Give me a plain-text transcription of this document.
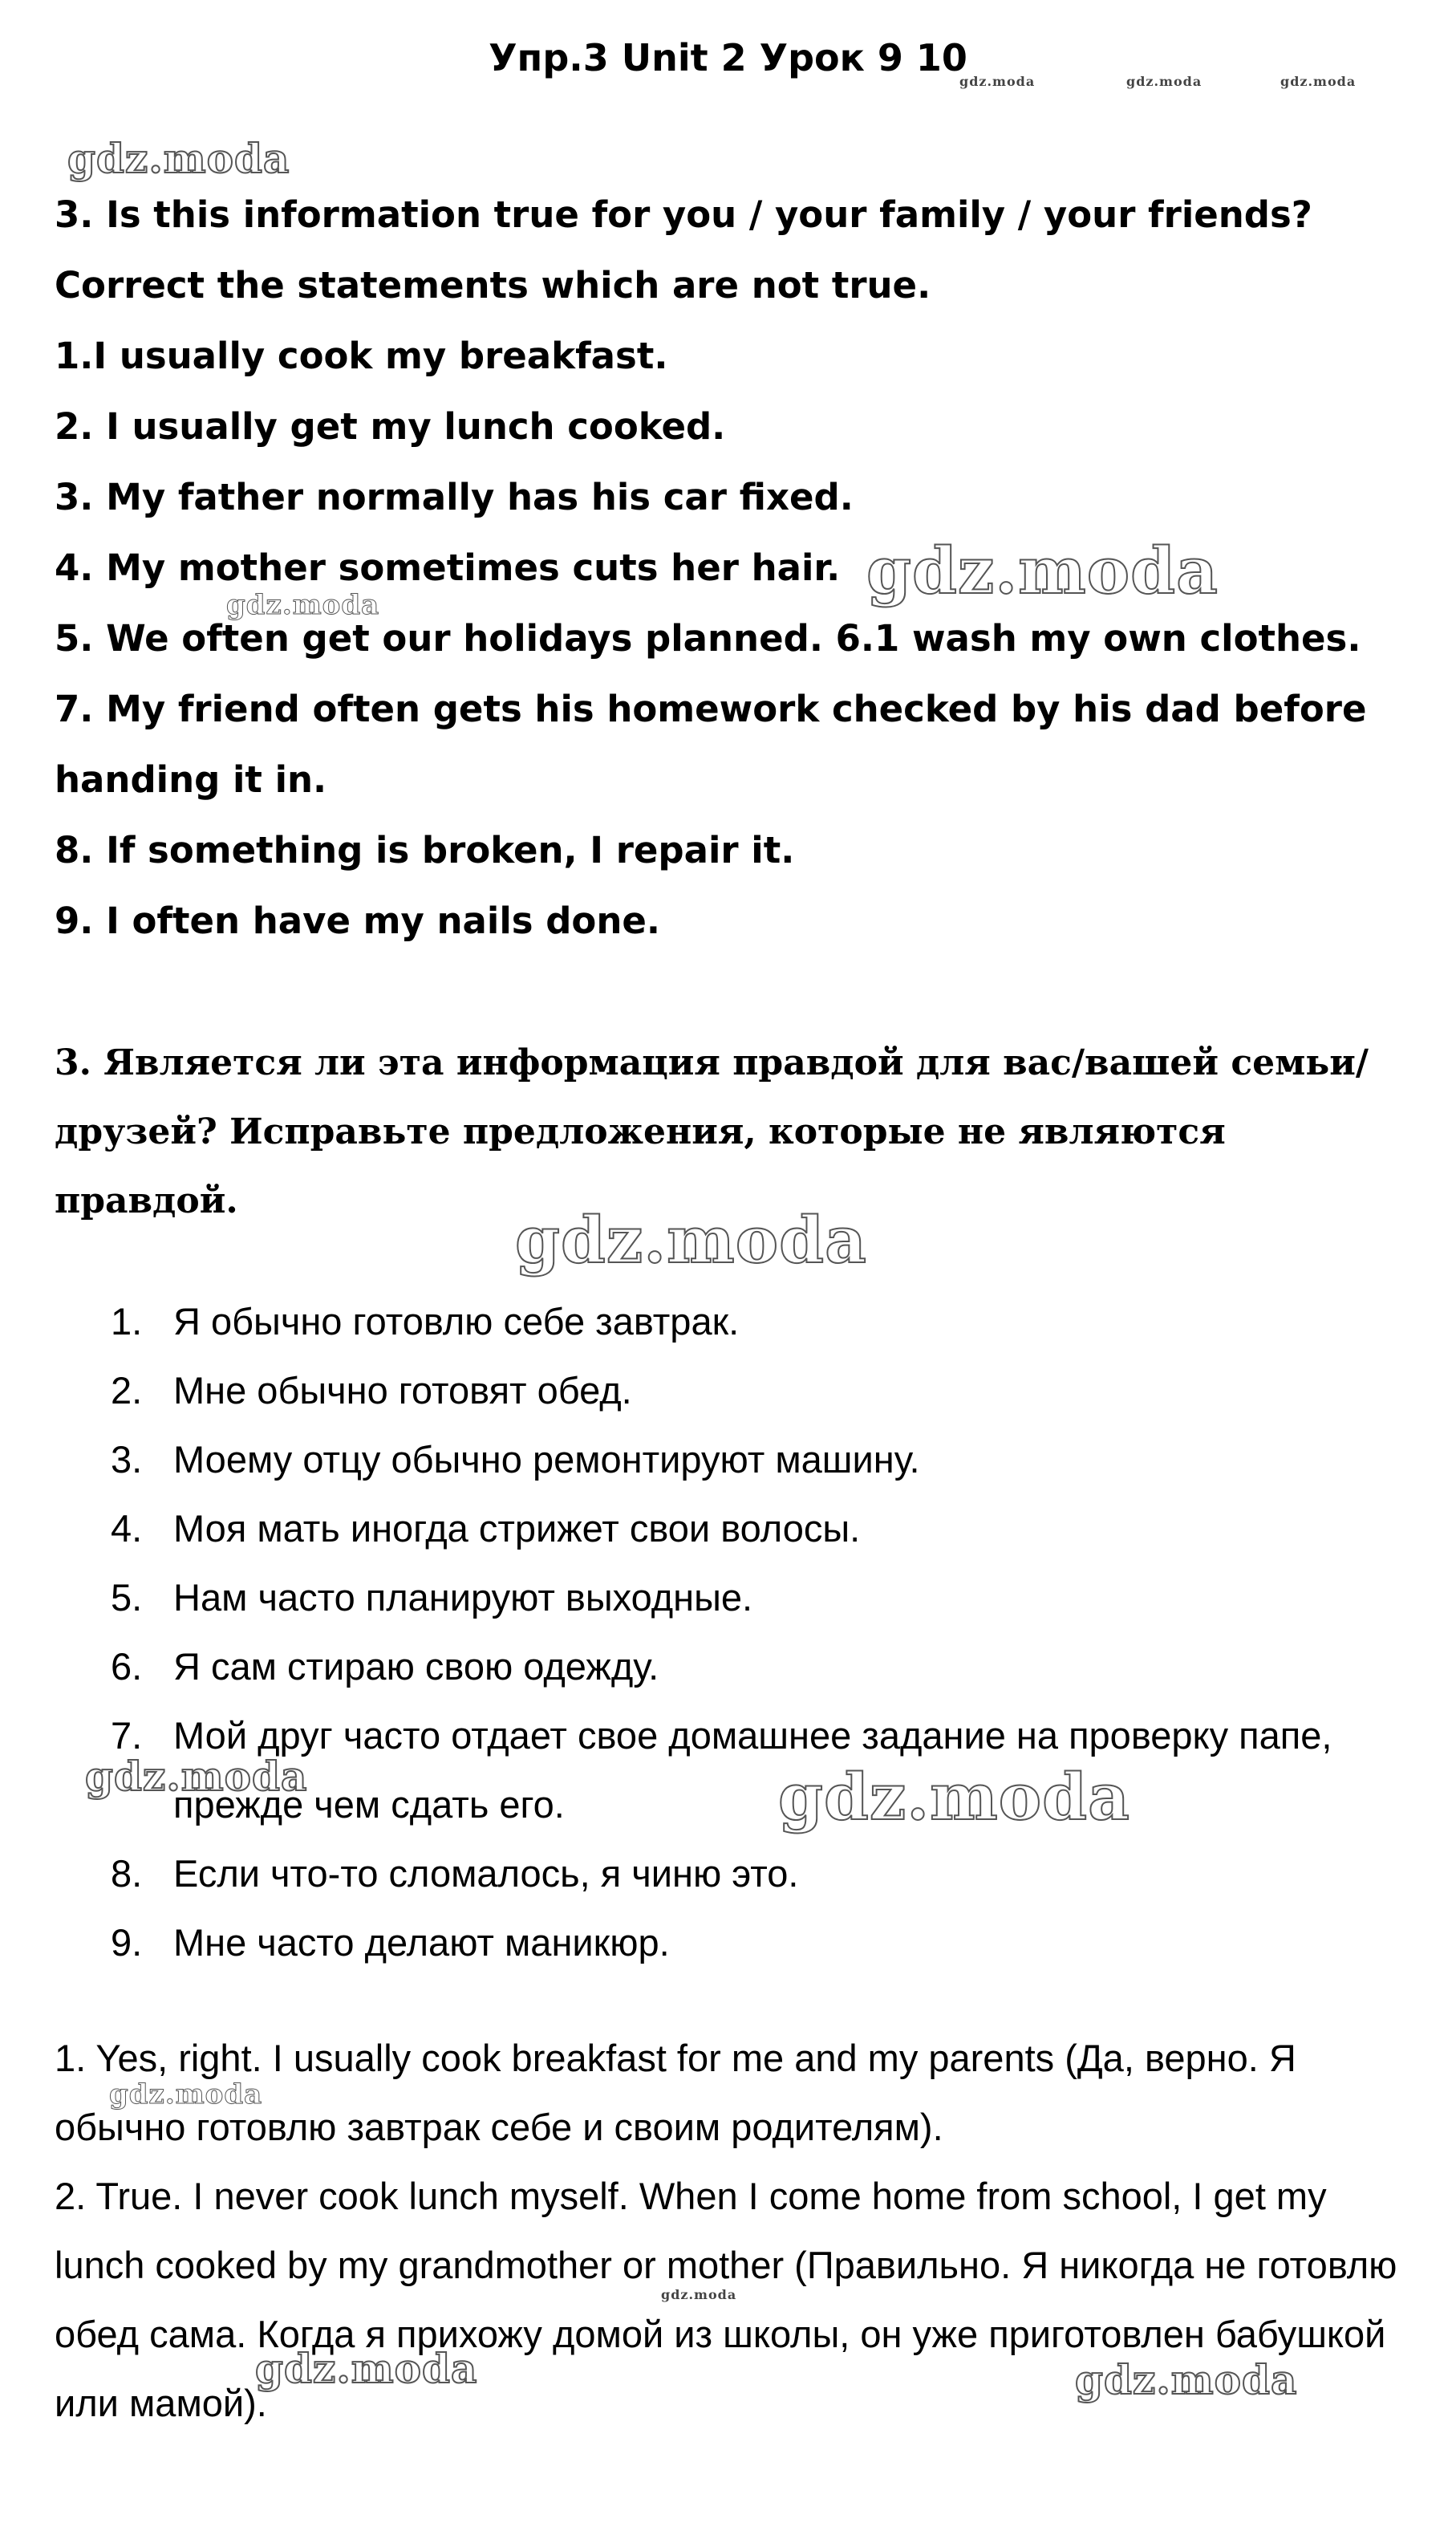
Упр.3 Unit 2 Урок 9 10
3. Is this information true for you / your family / your friends?
Correct the statements which are not true.
1.I usually cook my breakfast.
2. I usually get my lunch cooked.
3. My father normally has his car fixed.
4. My mother sometimes cuts her hair.
5. We often get our holidays planned. 6.1 wash my own clothes.
7. My friend often gets his homework checked by his dad before
handing it in.
8. If something is broken, I repair it.
9. I often have my nails done.
3. Является ли эта информация правдой для вас/вашей семьи/друзей? Исправьте предложения, которые не являются правдой.
1. Я обычно готовлю себе завтрак.
2. Мне обычно готовят обед.
3. Моему отцу обычно ремонтируют машину.
4. Моя мать иногда стрижет свои волосы.
5. Нам часто планируют выходные.
6. Я сам стираю свою одежду.
7. Мой друг часто отдает свое домашнее задание на проверку папе, прежде чем сдать его.
8. Если что-то сломалось, я чиню это.
9. Мне часто делают маникюр.
1. Yes, right. I usually cook breakfast for me and my parents (Да, верно. Я обычно готовлю завтрак себе и своим родителям).
2. True. I never cook lunch myself. When I come home from school, I get my lunch cooked by my grandmother or mother (Правильно. Я никогда не готовлю обед сама. Когда я прихожу домой из школы, он уже приготовлен бабушкой или мамой).
gdz.moda	gdz.moda	gdz.moda
gdz.moda
gdz.moda
gdz.moda
gdz.moda
gdz.moda	gdz.moda
gdz.moda
gdz.moda
gdz.moda	gdz.moda
